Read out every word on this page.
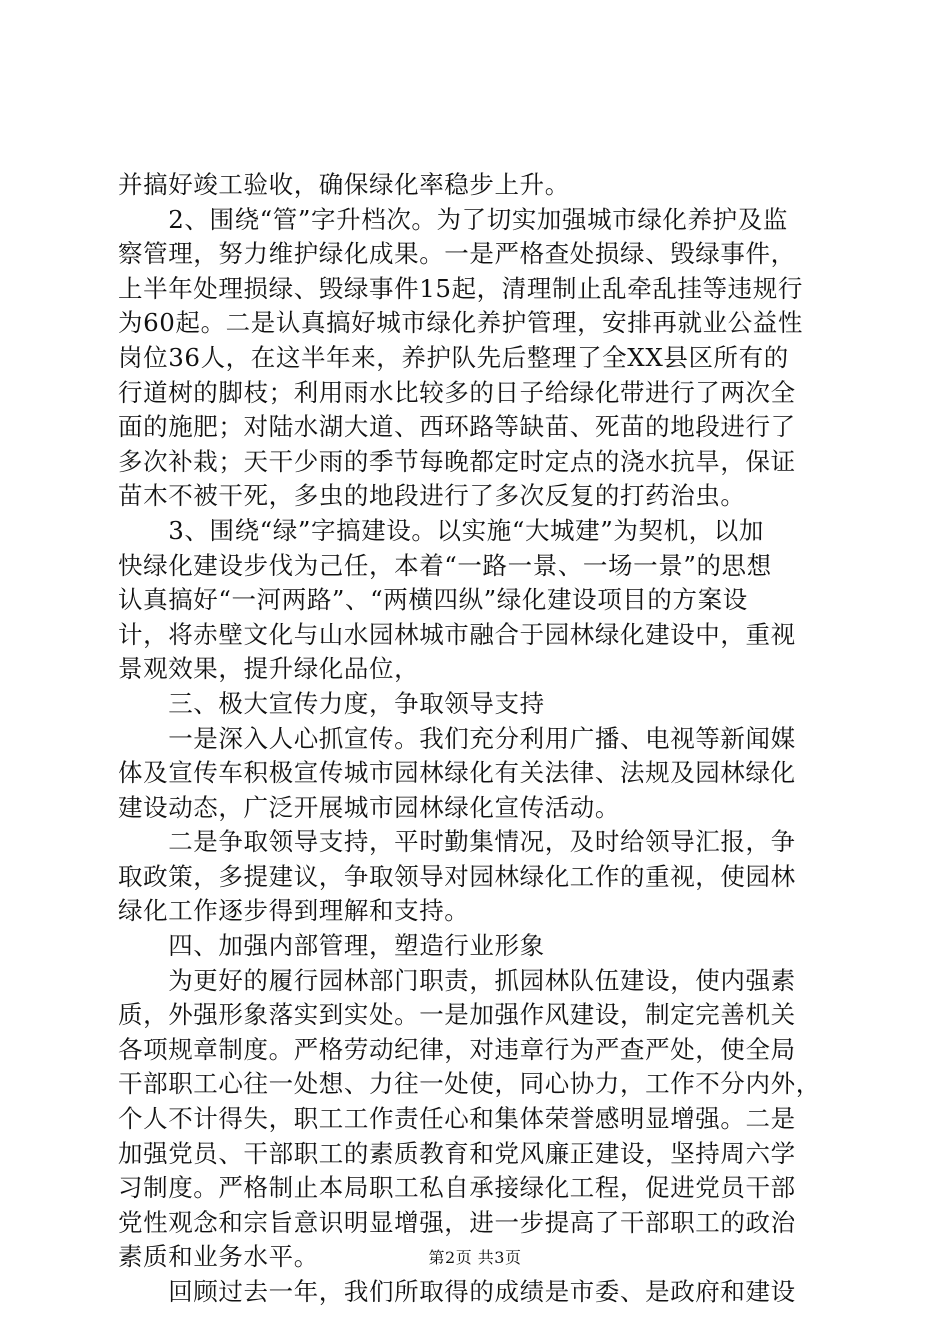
并搞好竣工验收，确保绿化率稳步上升。
　　2、围绕“管”字升档次。为了切实加强城市绿化养护及监
察管理，努力维护绿化成果。一是严格查处损绿、毁绿事件，
上半年处理损绿、毁绿事件15起，清理制止乱牵乱挂等违规行
为60起。二是认真搞好城市绿化养护管理，安排再就业公益性
岗位36人，在这半年来，养护队先后整理了全XX县区所有的
行道树的脚枝；利用雨水比较多的日子给绿化带进行了两次全
面的施肥；对陆水湖大道、西环路等缺苗、死苗的地段进行了
多次补栽；天干少雨的季节每晚都定时定点的浇水抗旱，保证
苗木不被干死，多虫的地段进行了多次反复的打药治虫。
　　3、围绕“绿”字搞建设。以实施“大城建”为契机，以加
快绿化建设步伐为己任，本着“一路一景、一场一景”的思想
认真搞好“一河两路”、“两横四纵”绿化建设项目的方案设
计，将赤壁文化与山水园林城市融合于园林绿化建设中，重视
景观效果，提升绿化品位，
　　三、极大宣传力度，争取领导支持
　　一是深入人心抓宣传。我们充分利用广播、电视等新闻媒
体及宣传车积极宣传城市园林绿化有关法律、法规及园林绿化
建设动态，广泛开展城市园林绿化宣传活动。
　　二是争取领导支持，平时勤集情况，及时给领导汇报，争
取政策，多提建议，争取领导对园林绿化工作的重视，使园林
绿化工作逐步得到理解和支持。
　　四、加强内部管理，塑造行业形象
　　为更好的履行园林部门职责，抓园林队伍建设，使内强素
质，外强形象落实到实处。一是加强作风建设，制定完善机关
各项规章制度。严格劳动纪律，对违章行为严查严处，使全局
干部职工心往一处想、力往一处使，同心协力，工作不分内外，
个人不计得失，职工工作责任心和集体荣誉感明显增强。二是
加强党员、干部职工的素质教育和党风廉正建设，坚持周六学
习制度。严格制止本局职工私自承接绿化工程，促进党员干部
党性观念和宗旨意识明显增强，进一步提高了干部职工的政治
素质和业务水平。
　　回顾过去一年，我们所取得的成绩是市委、是政府和建设
第2页 共3页
